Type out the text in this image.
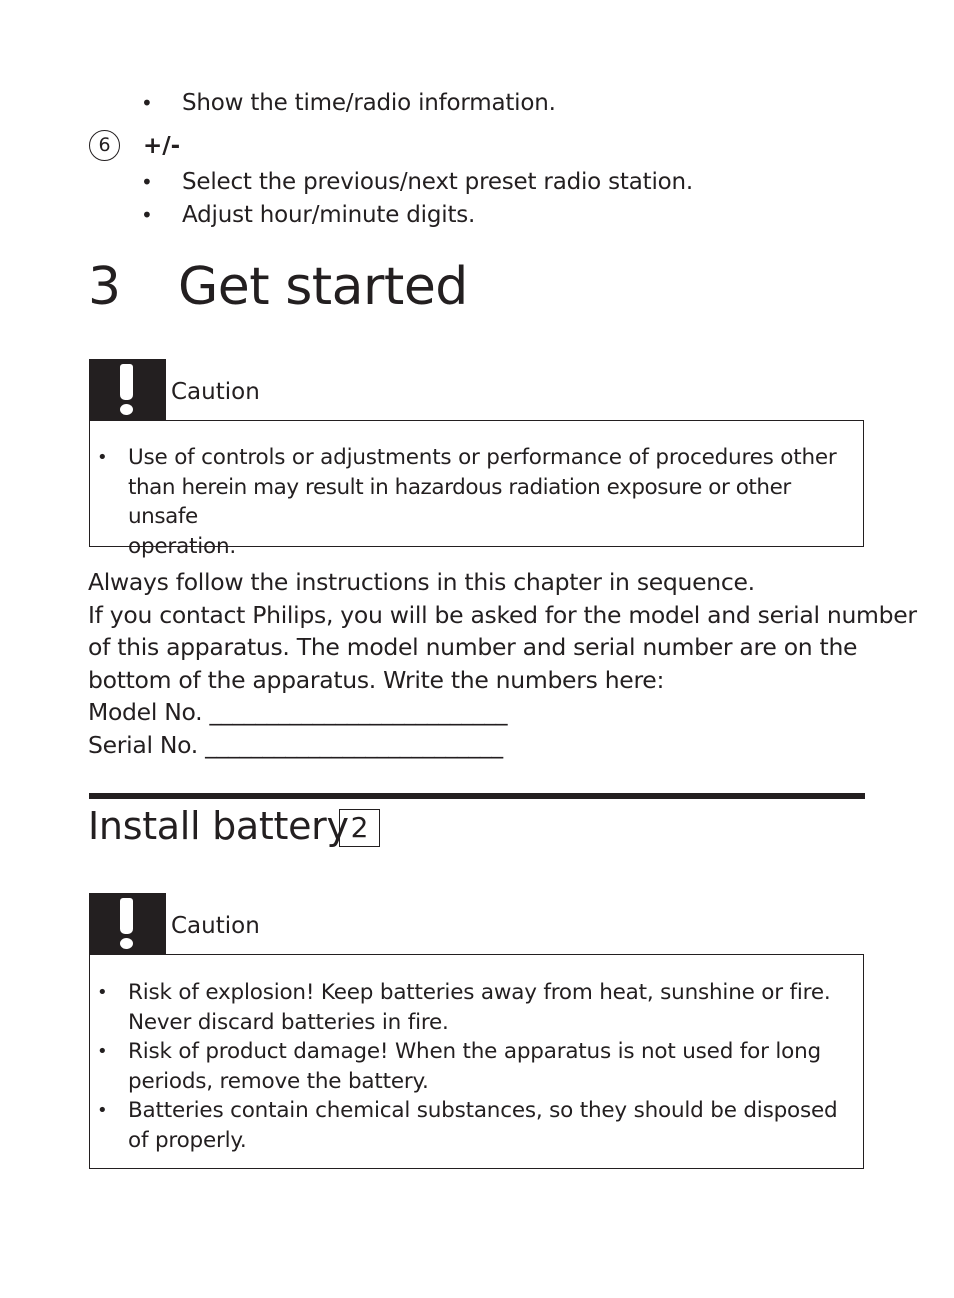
• Show the time/radio information.
6	+/-
• Select the previous/next preset radio station.
• Adjust hour/minute digits.
3 Get started
Caution
• Use of controls or adjustments or performance of procedures other
than herein may result in hazardous radiation exposure or other unsafe
operation.
Always follow the instructions in this chapter in sequence.
If you contact Philips, you will be asked for the model and serial number
of this apparatus. The model number and serial number are on the
bottom of the apparatus. Write the numbers here:
Model No. __________________________
Serial No. __________________________
Install battery 2
Caution
• Risk of explosion! Keep batteries away from heat, sunshine or fire.
Never discard batteries in fire.
• Risk of product damage! When the apparatus is not used for long
periods, remove the battery.
• Batteries contain chemical substances, so they should be disposed
of properly.
